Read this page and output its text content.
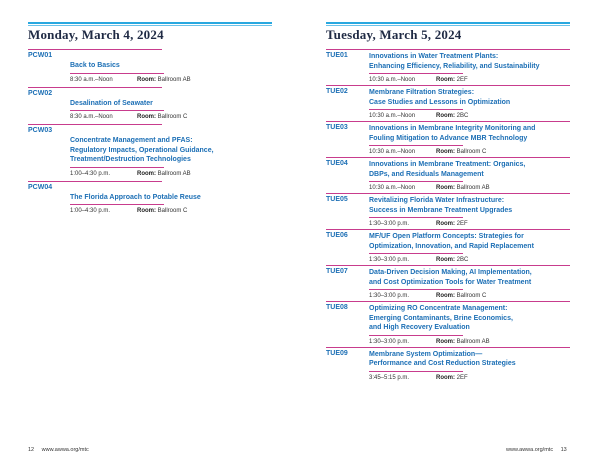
Monday, March 4, 2024
PCW01
Back to Basics
8:30 a.m.–Noon	Room: Ballroom AB
PCW02
Desalination of Seawater
8:30 a.m.–Noon	Room: Ballroom C
PCW03
Concentrate Management and PFAS:
Regulatory Impacts, Operational Guidance,
Treatment/Destruction Technologies
1:00–4:30 p.m.	Room: Ballroom AB
PCW04
The Florida Approach to Potable Reuse
1:00–4:30 p.m.	Room: Ballroom C
12 www.awwa.org/mtc
Tuesday, March 5, 2024
TUE01	Innovations in Water Treatment Plants:
Enhancing Efficiency, Reliability, and Sustainability
10:30 a.m.–Noon	Room: 2EF
TUE02	Membrane Filtration Strategies:
Case Studies and Lessons in Optimization
10:30 a.m.–Noon	Room: 2BC
TUE03	Innovations in Membrane Integrity Monitoring and
Fouling Mitigation to Advance MBR Technology
10:30 a.m.–Noon	Room: Ballroom C
TUE04	Innovations in Membrane Treatment: Organics,
DBPs, and Residuals Management
10:30 a.m.–Noon	Room: Ballroom AB
TUE05	Revitalizing Florida Water Infrastructure:
Success in Membrane Treatment Upgrades
1:30–3:00 p.m.	Room: 2EF
TUE06	MF/UF Open Platform Concepts: Strategies for
Optimization, Innovation, and Rapid Replacement
1:30–3:00 p.m.	Room: 2BC
TUE07	Data-Driven Decision Making, AI Implementation,
and Cost Optimization Tools for Water Treatment
1:30–3:00 p.m.	Room: Ballroom C
TUE08	Optimizing RO Concentrate Management:
Emerging Contaminants, Brine Economics,
and High Recovery Evaluation
1:30–3:00 p.m.	Room: Ballroom AB
TUE09	Membrane System Optimization—
Performance and Cost Reduction Strategies
3:45–5:15 p.m.	Room: 2EF
www.awwa.org/mtc 13
